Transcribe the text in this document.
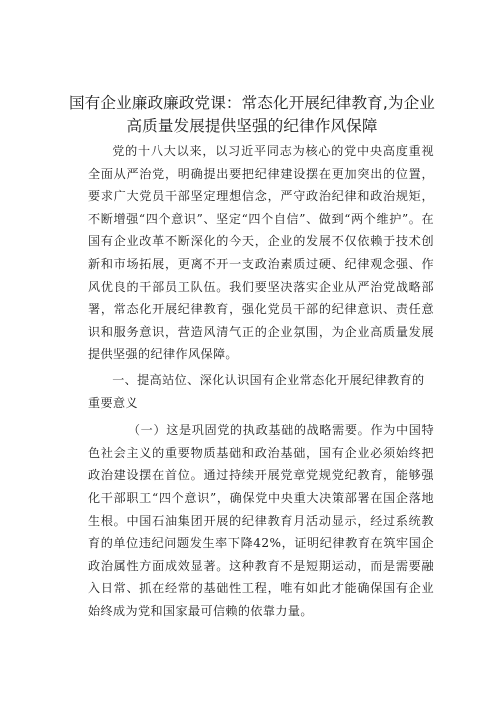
国有企业廉政廉政党课：常态化开展纪律教育,为企业高质量发展提供坚强的纪律作风保障

党的十八大以来，以习近平同志为核心的党中央高度重视全面从严治党，明确提出要把纪律建设摆在更加突出的位置，要求广大党员干部坚定理想信念，严守政治纪律和政治规矩，不断增强“四个意识”、坚定“四个自信”、做到“两个维护”。在国有企业改革不断深化的今天，企业的发展不仅依赖于技术创新和市场拓展，更离不开一支政治素质过硬、纪律观念强、作风优良的干部员工队伍。我们要坚决落实企业从严治党战略部署，常态化开展纪律教育，强化党员干部的纪律意识、责任意识和服务意识，营造风清气正的企业氛围，为企业高质量发展提供坚强的纪律作风保障。

一、提高站位、深化认识国有企业常态化开展纪律教育的重要意义

（一）这是巩固党的执政基础的战略需要。作为中国特色社会主义的重要物质基础和政治基础，国有企业必须始终把政治建设摆在首位。通过持续开展党章党规党纪教育，能够强化干部职工“四个意识”，确保党中央重大决策部署在国企落地生根。中国石油集团开展的纪律教育月活动显示，经过系统教育的单位违纪问题发生率下降42%，证明纪律教育在筑牢国企政治属性方面成效显著。这种教育不是短期运动，而是需要融入日常、抓在经常的基础性工程，唯有如此才能确保国有企业始终成为党和国家最可信赖的依靠力量。
